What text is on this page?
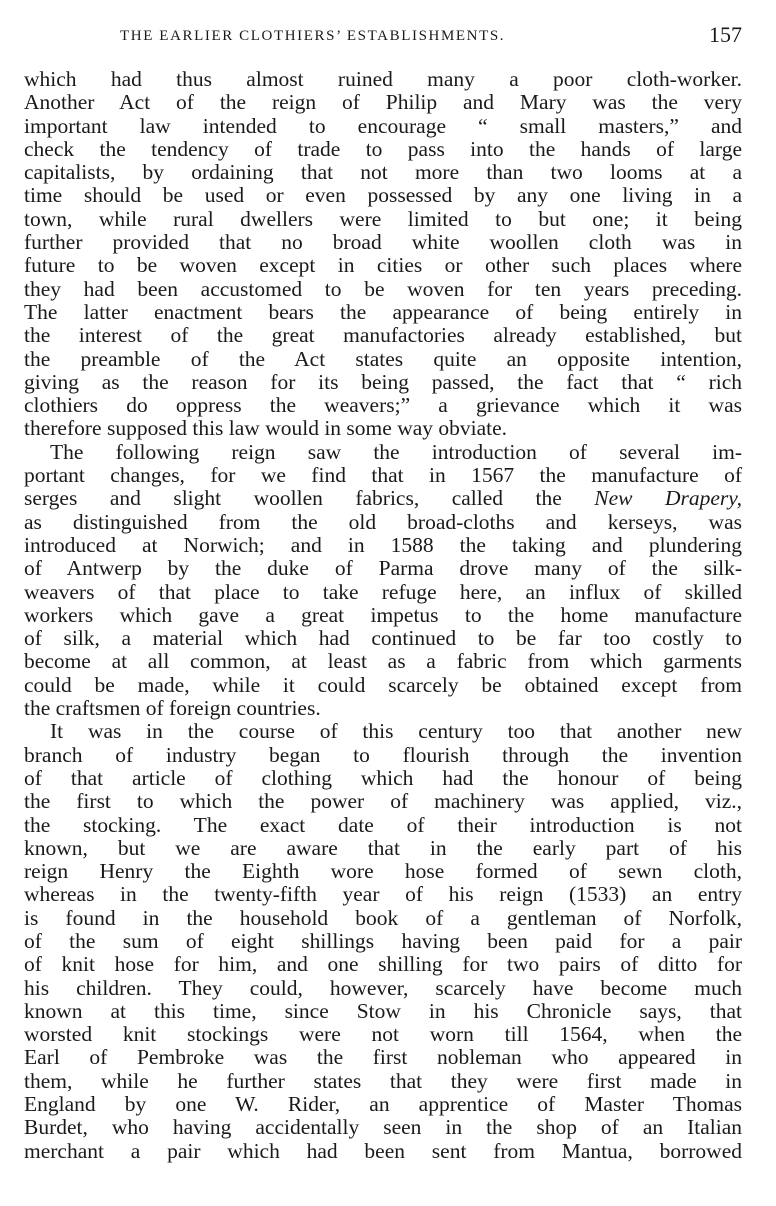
THE EARLIER CLOTHIERS’ ESTABLISHMENTS.	157
which had thus almost ruined many a poor cloth-worker.
Another Act of the reign of Philip and Mary was the very
important law intended to encourage “ small masters,” and
check the tendency of trade to pass into the hands of large
capitalists, by ordaining that not more than two looms at a
time should be used or even possessed by any one living in a
town, while rural dwellers were limited to but one; it being
further provided that no broad white woollen cloth was in
future to be woven except in cities or other such places where
they had been accustomed to be woven for ten years preceding.
The latter enactment bears the appearance of being entirely in
the interest of the great manufactories already established, but
the preamble of the Act states quite an opposite intention,
giving as the reason for its being passed, the fact that “ rich
clothiers do oppress the weavers;” a grievance which it was
therefore supposed this law would in some way obviate.
The following reign saw the introduction of several im-
portant changes, for we find that in 1567 the manufacture of
serges and slight woollen fabrics, called the New Drapery,
as distinguished from the old broad-cloths and kerseys, was
introduced at Norwich; and in 1588 the taking and plundering
of Antwerp by the duke of Parma drove many of the silk-
weavers of that place to take refuge here, an influx of skilled
workers which gave a great impetus to the home manufacture
of silk, a material which had continued to be far too costly to
become at all common, at least as a fabric from which garments
could be made, while it could scarcely be obtained except from
the craftsmen of foreign countries.
It was in the course of this century too that another new
branch of industry began to flourish through the invention
of that article of clothing which had the honour of being
the first to which the power of machinery was applied, viz.,
the stocking. The exact date of their introduction is not
known, but we are aware that in the early part of his
reign Henry the Eighth wore hose formed of sewn cloth,
whereas in the twenty-fifth year of his reign (1533) an entry
is found in the household book of a gentleman of Norfolk,
of the sum of eight shillings having been paid for a pair
of knit hose for him, and one shilling for two pairs of ditto for
his children. They could, however, scarcely have become much
known at this time, since Stow in his Chronicle says, that
worsted knit stockings were not worn till 1564, when the
Earl of Pembroke was the first nobleman who appeared in
them, while he further states that they were first made in
England by one W. Rider, an apprentice of Master Thomas
Burdet, who having accidentally seen in the shop of an Italian
merchant a pair which had been sent from Mantua, borrowed
